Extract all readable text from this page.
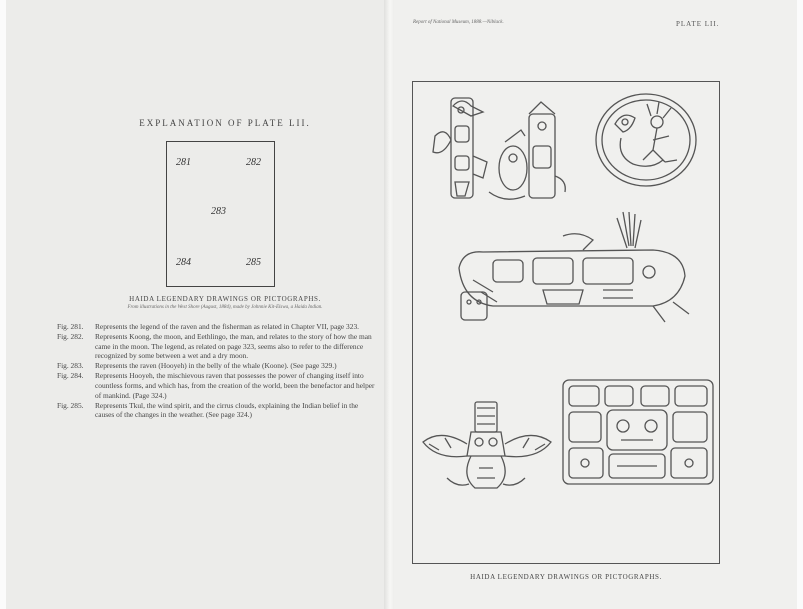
EXPLANATION OF PLATE LII.
281	282
283
284	285
HAIDA LEGENDARY DRAWINGS OR PICTOGRAPHS.
From illustrations in the West Shore (August, 1884), made by Johnnie Kit-Elswa, a Haida Indian.
Fig. 281. Represents the legend of the raven and the fisherman as related in Chapter VII, page 323.
Fig. 282. Represents Koong, the moon, and Eethlingo, the man, and relates to the story of how the man came in the moon. The legend, as related on page 323, seems also to refer to the difference recognized by some between a wet and a dry moon.
Fig. 283. Represents the raven (Hooyeh) in the belly of the whale (Koone). (See page 329.)
Fig. 284. Represents Hooyeh, the mischievous raven that possesses the power of changing itself into countless forms, and which has, from the creation of the world, been the benefactor and helper of mankind. (Page 324.)
Fig. 285. Represents Tkul, the wind spirit, and the cirrus clouds, explaining the Indian belief in the causes of the changes in the weather. (See page 324.)
Report of National Museum, 1888.—Niblack.	PLATE LII.
HAIDA LEGENDARY DRAWINGS OR PICTOGRAPHS.
